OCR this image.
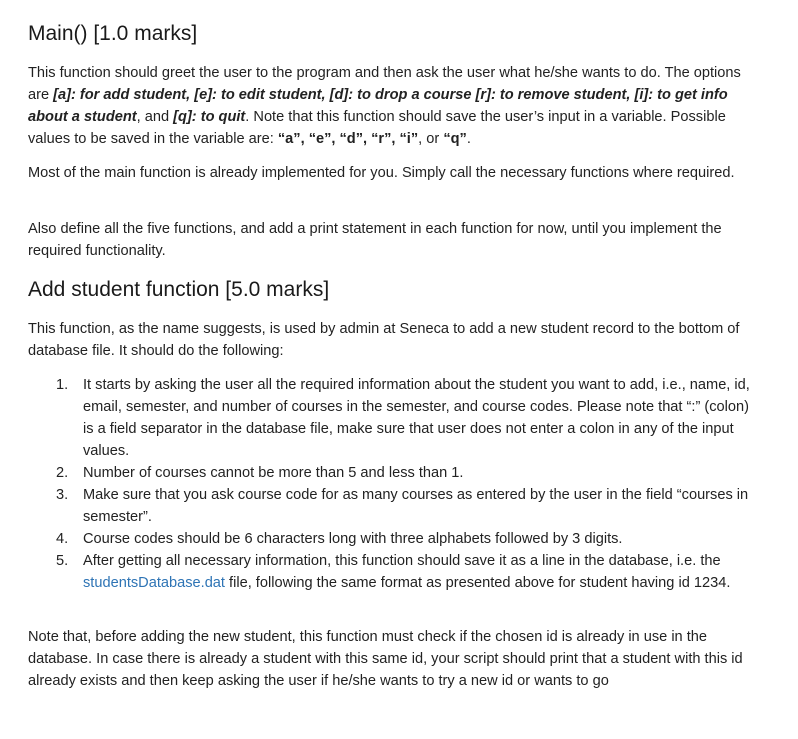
Main() [1.0 marks]

This function should greet the user to the program and then ask the user what he/she wants to do. The options are [a]: for add student, [e]: to edit student, [d]: to drop a course [r]: to remove student, [i]: to get info about a student, and [q]: to quit. Note that this function should save the user’s input in a variable. Possible values to be saved in the variable are: “a”, “e”, “d”, “r”, “i”, or “q”.

Most of the main function is already implemented for you. Simply call the necessary functions where required.

Also define all the five functions, and add a print statement in each function for now, until you implement the required functionality.

Add student function [5.0 marks]

This function, as the name suggests, is used by admin at Seneca to add a new student record to the bottom of database file. It should do the following:

1. It starts by asking the user all the required information about the student you want to add, i.e., name, id, email, semester, and number of courses in the semester, and course codes. Please note that “:” (colon) is a field separator in the database file, make sure that user does not enter a colon in any of the input values.
2. Number of courses cannot be more than 5 and less than 1.
3. Make sure that you ask course code for as many courses as entered by the user in the field “courses in semester”.
4. Course codes should be 6 characters long with three alphabets followed by 3 digits.
5. After getting all necessary information, this function should save it as a line in the database, i.e. the studentsDatabase.dat file, following the same format as presented above for student having id 1234.

Note that, before adding the new student, this function must check if the chosen id is already in use in the database. In case there is already a student with this same id, your script should print that a student with this id already exists and then keep asking the user if he/she wants to try a new id or wants to go
